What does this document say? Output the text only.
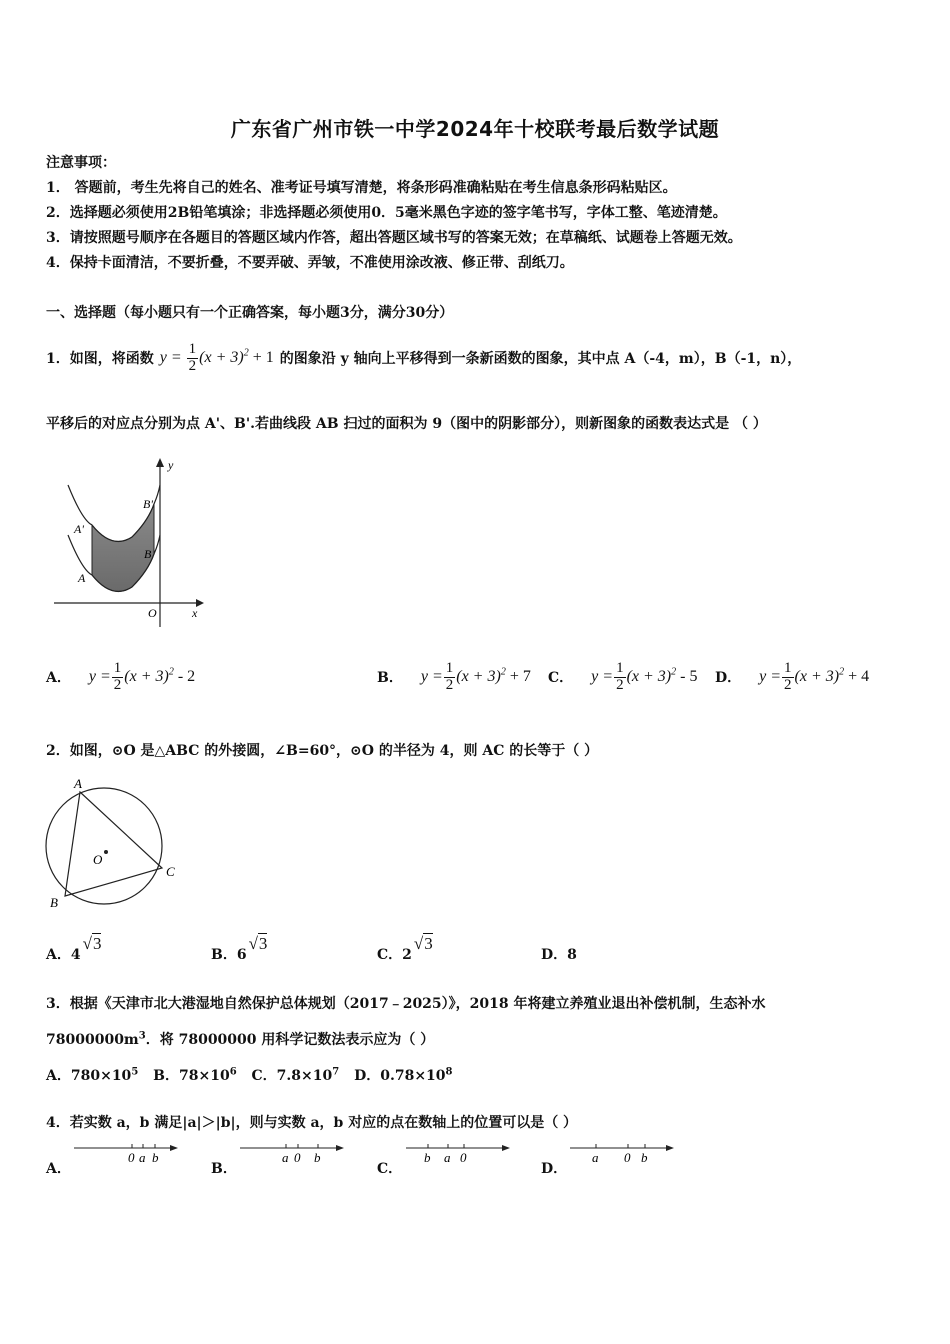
广东省广州市铁一中学2024年十校联考最后数学试题
注意事项：
1． 答题前，考生先将自己的姓名、准考证号填写清楚，将条形码准确粘贴在考生信息条形码粘贴区。
2．选择题必须使用2B铅笔填涂；非选择题必须使用0．5毫米黑色字迹的签字笔书写，字体工整、笔迹清楚。
3．请按照题号顺序在各题目的答题区域内作答，超出答题区域书写的答案无效；在草稿纸、试题卷上答题无效。
4．保持卡面清洁，不要折叠，不要弄破、弄皱，不准使用涂改液、修正带、刮纸刀。
一、选择题（每小题只有一个正确答案，每小题3分，满分30分）
1．如图，将函数 $y = \frac{1}{2} (x + 3)^2 + 1$ 的图象沿 y 轴向上平移得到一条新函数的图象，其中点 A（-4，m），B（-1，n），
平移后的对应点分别为点 A'、B'.若曲线段 AB 扫过的面积为 9（图中的阴影部分），则新图象的函数表达式是 （ ）
A'
B'
A
B
O	x
y
A． $y = \frac{1}{2} (x + 3)^2 - 2$	B． $y = \frac{1}{2} (x + 3)^2 + 7$ C． $y = \frac{1}{2} (x + 3)^2 - 5$ D． $y = \frac{1}{2} (x + 3)^2 + 4$
2．如图，⊙O 是△ABC 的外接圆，∠B=60°，⊙O 的半径为 4，则 AC 的长等于（ ）
A
B
C
O
A．4
√3
B．6
√3
C．2
√3
D．8
3．根据《天津市北大港湿地自然保护总体规划（2017﹣2025）》，2018 年将建立养殖业退出补偿机制，生态补水
$78000000m^3$．将 78000000 用科学记数法表示应为（ ）
A．$780\times 10^5$ B．$78\times 10^6$ C．$7.8\times 10^7$ D．$0.78\times 10^8$
4．若实数 a，b 满足|a|＞|b|，则与实数 a，b 对应的点在数轴上的位置可以是（ ）
A．
0 a b
B．
a 0 b
C．
b a 0
D．
a 0 b
